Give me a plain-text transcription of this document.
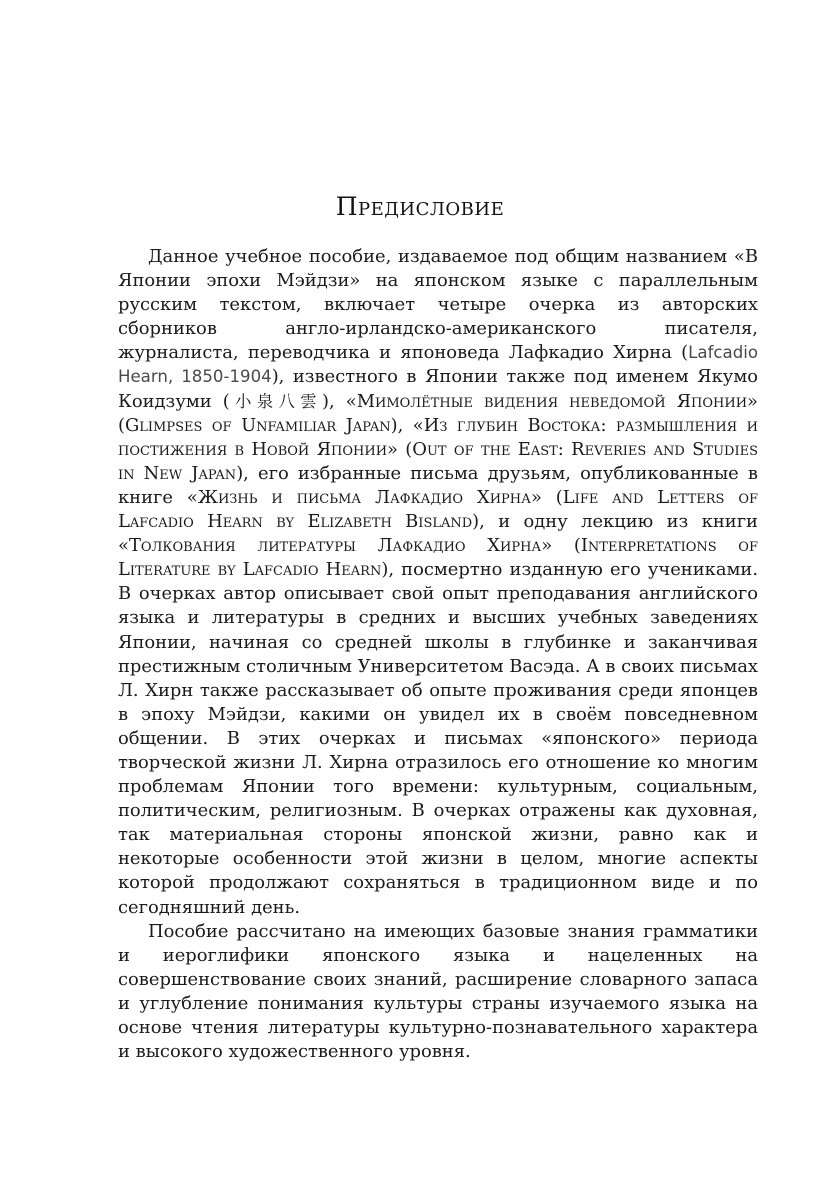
Предисловие

Данное учебное пособие, издаваемое под общим названием «В Японии эпохи Мэйдзи» на японском языке с параллельным русским текстом, включает четыре очерка из авторских сборников англо-ирландско-американского писателя, журналиста, переводчика и японоведа Лафкадио Хирна (Lafcadio Hearn, 1850-1904), известного в Японии также под именем Якумо Коидзуми (小泉八雲), «Мимолётные видения неведомой Японии» (Glimpses of Unfamiliar Japan), «Из глубин Востока: размышления и постижения в Новой Японии» (Out of the East: Reveries and Studies in New Japan), его избранные письма друзьям, опубликованные в книге «Жизнь и письма Лафкадио Хирна» (Life and Letters of Lafcadio Hearn by Elizabeth Bisland), и одну лекцию из книги «Толкования литературы Лафкадио Хирна» (Interpretations of Literature by Lafcadio Hearn), посмертно изданную его учениками. В очерках автор описывает свой опыт преподавания английского языка и литературы в средних и высших учебных заведениях Японии, начиная со средней школы в глубинке и заканчивая престижным столичным Университетом Васэда. А в своих письмах Л. Хирн также рассказывает об опыте проживания среди японцев в эпоху Мэйдзи, какими он увидел их в своём повседневном общении. В этих очерках и письмах «японского» периода творческой жизни Л. Хирна отразилось его отношение ко многим проблемам Японии того времени: культурным, социальным, политическим, религиозным. В очерках отражены как духовная, так материальная стороны японской жизни, равно как и некоторые особенности этой жизни в целом, многие аспекты которой продолжают сохраняться в традиционном виде и по сегодняшний день.

Пособие рассчитано на имеющих базовые знания грамматики и иероглифики японского языка и нацеленных на совершенствование своих знаний, расширение словарного запаса и углубление понимания культуры страны изучаемого языка на основе чтения литературы культурно-познавательного характера и высокого художественного уровня.
